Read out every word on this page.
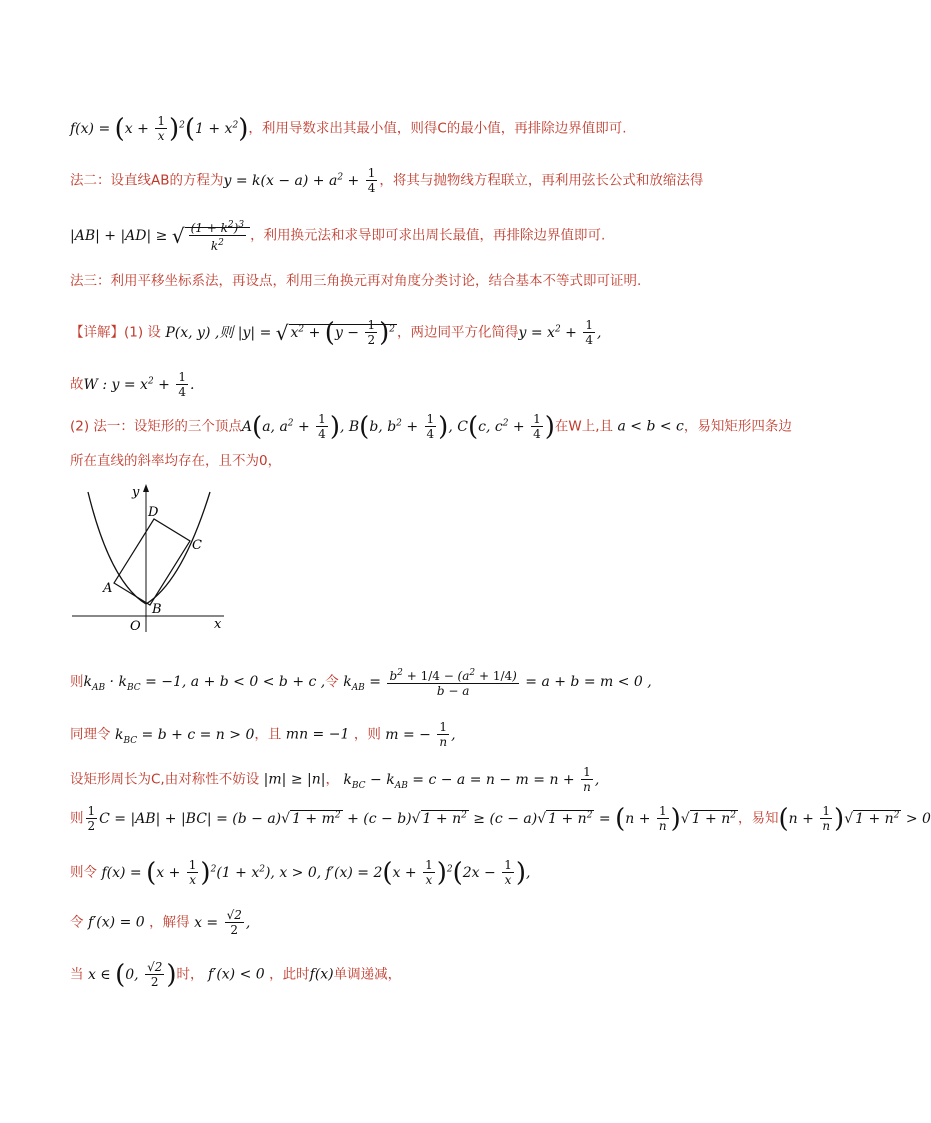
$f(x) = (x + \frac{1}{x} )^2(1 + x^2)$，利用导数求出其最小值，则得C的最小值，再排除边界值即可.
法二：设直线AB的方程为$y = k(x - a) + a^2 + \frac{1}{4}$ ，将其与抛物线方程联立，再利用弦长公式和放缩法得
|AB| + |AD| ≥ √ $\frac{(1 + k^2)^3}{k^2}$ ，利用换元法和求导即可求出周长最值，再排除边界值即可.
法三：利用平移坐标系法，再设点，利用三角换元再对角度分类讨论，结合基本不等式即可证明.
【详解】(1) 设 P(x, y) ,则 |y| = √ $x^2 + (y - \frac{1}{2} )^2$ ，两边同平方化简得$y = x^2 + \frac{1}{4}$ ,
故W : $y = x^2 + \frac{1}{4}$ .
(2) 法一：设矩形的三个顶点A(a, $a^2 + \frac{1}{4}$ ), B(b, $b^2 + \frac{1}{4}$ ), C(c, $c^2 + \frac{1}{4}$ )在W上,且 a < b < c，易知矩形四条边
所在直线的斜率均存在，且不为0，
y
x
O
A
B
C
D
则$k_{AB} \cdot k_{BC} = -1$, a + b < 0 < b + c ,令 $k_{AB} = \frac{b^2 + 1/4 - (a^2 + 1/4)}{b - a} = a + b = m < 0$ ,
同理令 $k_{BC} = b + c = n > 0$，且 mn = −1 ，则 m = − $\frac{1}{n}$ ,
设矩形周长为C,由对称性不妨设 |m| ≥ |n|， $k_{BC} - k_{AB} = c - a = n - m = n + \frac{1}{n}$ ,
则 $\frac{1}{2}$ C = |AB| + |BC| = (b − a)√ $1 + m^2 + (c - b)√$ $1 + n^2 \ge (c - a)√$ $1 + n^2 = (n + \frac{1}{n}$ )√ $1 + n^2$ ，易知($n + \frac{1}{n}$ )√ $1 + n^2 > 0$
则令 $f(x) = (x + \frac{1}{x} )^2(1 + x^2)$, x > 0, $f'(x) = 2(x + \frac{1}{x} )^2(2x - \frac{1}{x}$ ),
令 f′(x) = 0 ，解得 $x = \frac{√2}{2}$ ,
当 x ∈ (0, $\frac{√2}{2}$ )时， f′(x) < 0 ，此时f(x)单调递减，
